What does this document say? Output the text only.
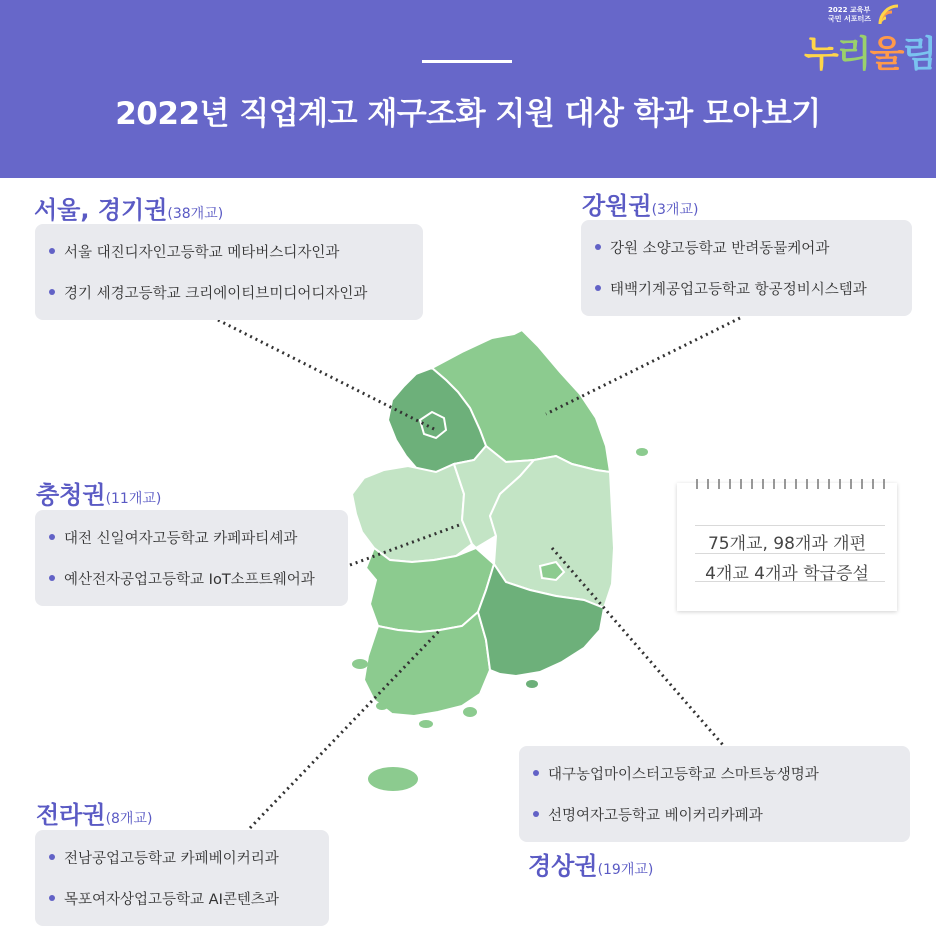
2022년 직업계고 재구조화 지원 대상 학과 모아보기
2022 교육부
국민 서포터즈
누리울림
서울, 경기권(38개교)
서울 대진디자인고등학교 메타버스디자인과
경기 세경고등학교 크리에이티브미디어디자인과
강원권(3개교)
강원 소양고등학교 반려동물케어과
태백기계공업고등학교 항공정비시스템과
충청권(11개교)
대전 신일여자고등학교 카페파티셰과
예산전자공업고등학교 IoT소프트웨어과
75개교, 98개과 개편
4개교 4개과 학급증설
대구농업마이스터고등학교 스마트농생명과
선명여자고등학교 베이커리카페과
경상권(19개교)
전라권(8개교)
전남공업고등학교 카페베이커리과
목포여자상업고등학교 AI콘텐츠과
